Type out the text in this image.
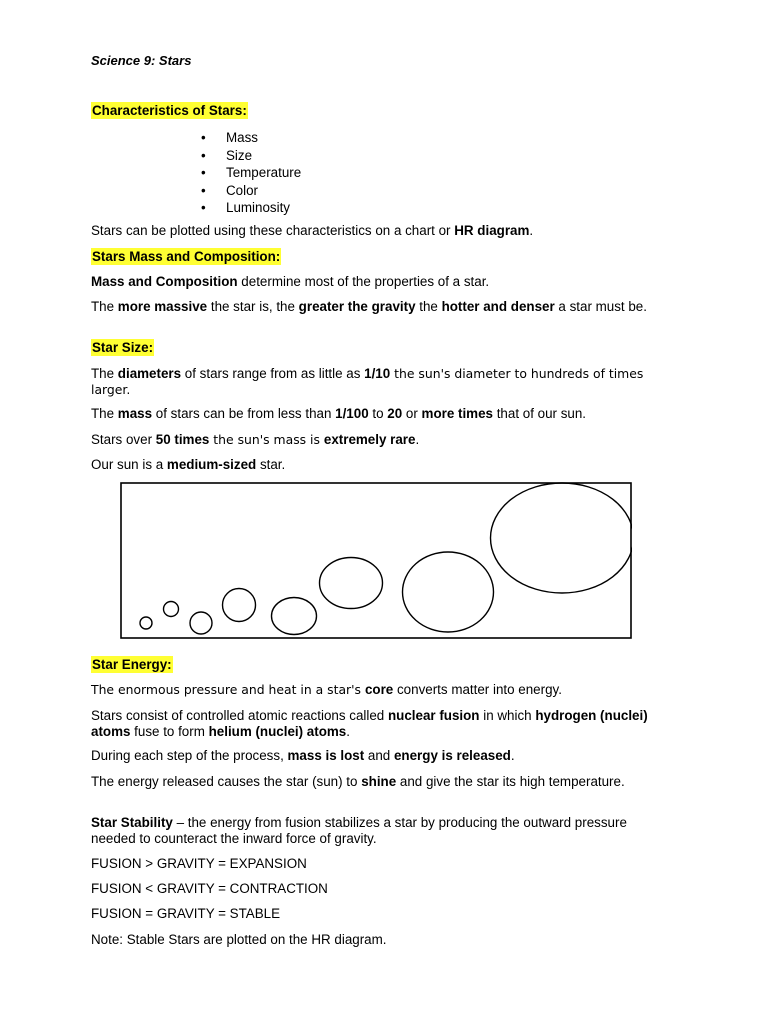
Science 9: Stars
Characteristics of Stars:
• Mass
• Size
• Temperature
• Color
• Luminosity
Stars can be plotted using these characteristics on a chart or HR diagram.
Stars Mass and Composition:
Mass and Composition determine most of the properties of a star.
The more massive the star is, the greater the gravity the hotter and denser a star must be.
Star Size:
The diameters of stars range from as little as 1/10 the sun's diameter to hundreds of times larger.
The mass of stars can be from less than 1/100 to 20 or more times that of our sun.
Stars over 50 times the sun's mass is extremely rare.
Our sun is a medium-sized star.
Star Energy:
The enormous pressure and heat in a star's core converts matter into energy.
Stars consist of controlled atomic reactions called nuclear fusion in which hydrogen (nuclei) atoms fuse to form helium (nuclei) atoms.
During each step of the process, mass is lost and energy is released.
The energy released causes the star (sun) to shine and give the star its high temperature.
Star Stability – the energy from fusion stabilizes a star by producing the outward pressure needed to counteract the inward force of gravity.
FUSION > GRAVITY = EXPANSION
FUSION < GRAVITY = CONTRACTION
FUSION = GRAVITY = STABLE
Note: Stable Stars are plotted on the HR diagram.
